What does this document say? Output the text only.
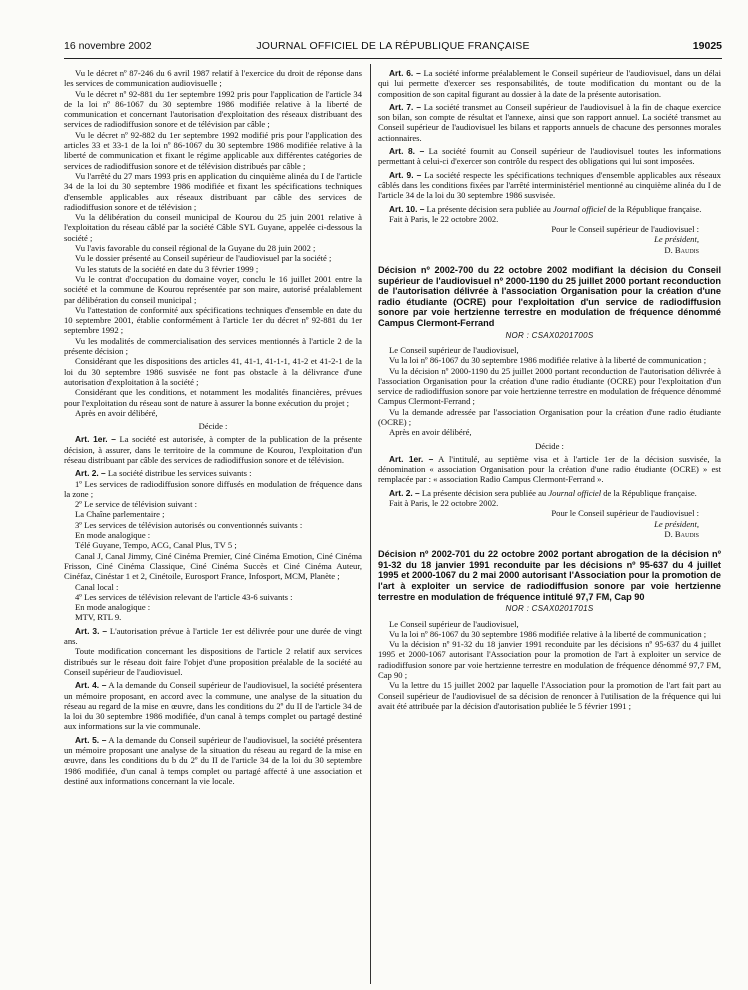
16 novembre 2002	JOURNAL OFFICIEL DE LA RÉPUBLIQUE FRANÇAISE	19025

Vu le décret nº 87-246 du 6 avril 1987 relatif à l'exercice du droit de réponse dans les services de communication audiovisuelle ;

Vu le décret nº 92-881 du 1er septembre 1992 pris pour l'application de l'article 34 de la loi nº 86-1067 du 30 septembre 1986 modifiée relative à la liberté de communication et concernant l'autorisation d'exploitation des réseaux distribuant des services de radiodiffusion sonore et de télévision par câble ;

Vu le décret nº 92-882 du 1er septembre 1992 modifié pris pour l'application des articles 33 et 33-1 de la loi nº 86-1067 du 30 septembre 1986 modifiée relative à la liberté de communication et fixant le régime applicable aux différentes catégories de services de radiodiffusion sonore et de télévision distribués par câble ;

Vu l'arrêté du 27 mars 1993 pris en application du cinquième alinéa du I de l'article 34 de la loi du 30 septembre 1986 modifiée et fixant les spécifications techniques d'ensemble applicables aux réseaux distribuant par câble des services de radiodiffusion sonore et de télévision ;

Vu la délibération du conseil municipal de Kourou du 25 juin 2001 relative à l'exploitation du réseau câblé par la société Câble SYL Guyane, appelée ci-dessous la société ;

Vu l'avis favorable du conseil régional de la Guyane du 28 juin 2002 ;

Vu le dossier présenté au Conseil supérieur de l'audiovisuel par la société ;

Vu les statuts de la société en date du 3 février 1999 ;

Vu le contrat d'occupation du domaine voyer, conclu le 16 juillet 2001 entre la société et la commune de Kourou représentée par son maire, autorisé préalablement par délibération du conseil municipal ;

Vu l'attestation de conformité aux spécifications techniques d'ensemble en date du 10 septembre 2001, établie conformément à l'article 1er du décret nº 92-881 du 1er septembre 1992 ;

Vu les modalités de commercialisation des services mentionnés à l'article 2 de la présente décision ;

Considérant que les dispositions des articles 41, 41-1, 41-1-1, 41-2 et 41-2-1 de la loi du 30 septembre 1986 susvisée ne font pas obstacle à la délivrance d'une autorisation d'exploitation à la société ;

Considérant que les conditions, et notamment les modalités financières, prévues pour l'exploitation du réseau sont de nature à assurer la bonne exécution du projet ;

Après en avoir délibéré,

Décide :

Art. 1er. – La société est autorisée, à compter de la publication de la présente décision, à assurer, dans le territoire de la commune de Kourou, l'exploitation d'un réseau distribuant par câble des services de radiodiffusion sonore et de télévision.

Art. 2. – La société distribue les services suivants :

1º Les services de radiodiffusion sonore diffusés en modulation de fréquence dans la zone ;

2º Le service de télévision suivant :

La Chaîne parlementaire ;

3º Les services de télévision autorisés ou conventionnés suivants :

En mode analogique :

Télé Guyane, Tempo, ACG, Canal Plus, TV 5 ;

Canal J, Canal Jimmy, Ciné Cinéma Premier, Ciné Cinéma Emotion, Ciné Cinéma Frisson, Ciné Cinéma Classique, Ciné Cinéma Succès et Ciné Cinéma Auteur, Cinéfaz, Cinéstar 1 et 2, Cinétoile, Eurosport France, Infosport, MCM, Planète ;

Canal local :

4º Les services de télévision relevant de l'article 43-6 suivants :

En mode analogique :

MTV, RTL 9.

Art. 3. – L'autorisation prévue à l'article 1er est délivrée pour une durée de vingt ans.

Toute modification concernant les dispositions de l'article 2 relatif aux services distribués sur le réseau doit faire l'objet d'une proposition préalable de la société au Conseil supérieur de l'audiovisuel.

Art. 4. – A la demande du Conseil supérieur de l'audiovisuel, la société présentera un mémoire proposant, en accord avec la commune, une analyse de la situation du réseau au regard de la mise en œuvre, dans les conditions du 2º du II de l'article 34 de la loi du 30 septembre 1986 modifiée, d'un canal à temps complet ou partagé destiné aux informations sur la vie communale.

Art. 5. – A la demande du Conseil supérieur de l'audiovisuel, la société présentera un mémoire proposant une analyse de la situation du réseau au regard de la mise en œuvre, dans les conditions du b du 2º du II de l'article 34 de la loi du 30 septembre 1986 modifiée, d'un canal à temps complet ou partagé affecté à une association et destiné aux informations concernant la vie locale.

Art. 6. – La société informe préalablement le Conseil supérieur de l'audiovisuel, dans un délai qui lui permette d'exercer ses responsabilités, de toute modification du montant ou de la composition de son capital figurant au dossier à la date de la présente autorisation.

Art. 7. – La société transmet au Conseil supérieur de l'audiovisuel à la fin de chaque exercice son bilan, son compte de résultat et l'annexe, ainsi que son rapport annuel. La société transmet au Conseil supérieur de l'audiovisuel les bilans et rapports annuels de chacune des personnes morales actionnaires.

Art. 8. – La société fournit au Conseil supérieur de l'audiovisuel toutes les informations permettant à celui-ci d'exercer son contrôle du respect des obligations qui lui sont imposées.

Art. 9. – La société respecte les spécifications techniques d'ensemble applicables aux réseaux câblés dans les conditions fixées par l'arrêté interministériel mentionné au cinquième alinéa du I de l'article 34 de la loi du 30 septembre 1986 susvisée.

Art. 10. – La présente décision sera publiée au Journal officiel de la République française.

Fait à Paris, le 22 octobre 2002.

Pour le Conseil supérieur de l'audiovisuel :

Le président,

D. Baudis

Décision nº 2002-700 du 22 octobre 2002 modifiant la décision du Conseil supérieur de l'audiovisuel nº 2000-1190 du 25 juillet 2000 portant reconduction de l'autorisation délivrée à l'association Organisation pour la création d'une radio étudiante (OCRE) pour l'exploitation d'un service de radiodiffusion sonore par voie hertzienne terrestre en modulation de fréquence dénommé Campus Clermont-Ferrand

NOR : CSAX0201700S

Le Conseil supérieur de l'audiovisuel,

Vu la loi nº 86-1067 du 30 septembre 1986 modifiée relative à la liberté de communication ;

Vu la décision nº 2000-1190 du 25 juillet 2000 portant reconduction de l'autorisation délivrée à l'association Organisation pour la création d'une radio étudiante (OCRE) pour l'exploitation d'un service de radiodiffusion sonore par voie hertzienne terrestre en modulation de fréquence dénommé Campus Clermont-Ferrand ;

Vu la demande adressée par l'association Organisation pour la création d'une radio étudiante (OCRE) ;

Après en avoir délibéré,

Décide :

Art. 1er. – A l'intitulé, au septième visa et à l'article 1er de la décision susvisée, la dénomination « association Organisation pour la création d'une radio étudiante (OCRE) » est remplacée par : « association Radio Campus Clermont-Ferrand ».

Art. 2. – La présente décision sera publiée au Journal officiel de la République française.

Fait à Paris, le 22 octobre 2002.

Pour le Conseil supérieur de l'audiovisuel :

Le président,

D. Baudis

Décision nº 2002-701 du 22 octobre 2002 portant abrogation de la décision nº 91-32 du 18 janvier 1991 reconduite par les décisions nº 95-637 du 4 juillet 1995 et 2000-1067 du 2 mai 2000 autorisant l'Association pour la promotion de l'art à exploiter un service de radiodiffusion sonore par voie hertzienne terrestre en modulation de fréquence intitulé 97,7 FM, Cap 90

NOR : CSAX0201701S

Le Conseil supérieur de l'audiovisuel,

Vu la loi nº 86-1067 du 30 septembre 1986 modifiée relative à la liberté de communication ;

Vu la décision nº 91-32 du 18 janvier 1991 reconduite par les décisions nº 95-637 du 4 juillet 1995 et 2000-1067 autorisant l'Association pour la promotion de l'art à exploiter un service de radiodiffusion sonore par voie hertzienne terrestre en modulation de fréquence dénommé 97,7 FM, Cap 90 ;

Vu la lettre du 15 juillet 2002 par laquelle l'Association pour la promotion de l'art fait part au Conseil supérieur de l'audiovisuel de sa décision de renoncer à l'utilisation de la fréquence qui lui avait été attribuée par la décision d'autorisation publiée le 5 février 1991 ;
